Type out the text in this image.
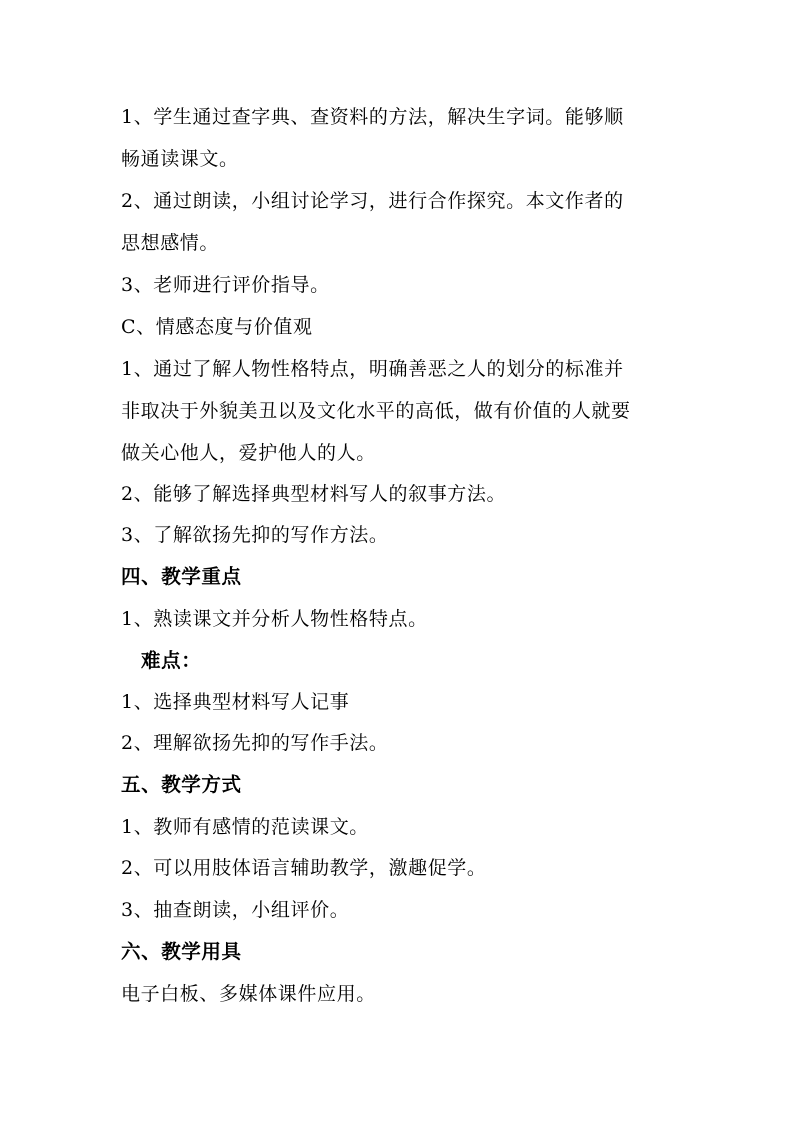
1、学生通过查字典、查资料的方法，解决生字词。能够顺
畅通读课文。
2、通过朗读，小组讨论学习，进行合作探究。本文作者的
思想感情。
3、老师进行评价指导。
C、情感态度与价值观
1、通过了解人物性格特点，明确善恶之人的划分的标准并
非取决于外貌美丑以及文化水平的高低，做有价值的人就要
做关心他人，爱护他人的人。
2、能够了解选择典型材料写人的叙事方法。
3、了解欲扬先抑的写作方法。
四、教学重点
1、熟读课文并分析人物性格特点。
难点：
1、选择典型材料写人记事
2、理解欲扬先抑的写作手法。
五、教学方式
1、教师有感情的范读课文。
2、可以用肢体语言辅助教学，激趣促学。
3、抽查朗读，小组评价。
六、教学用具
电子白板、多媒体课件应用。
